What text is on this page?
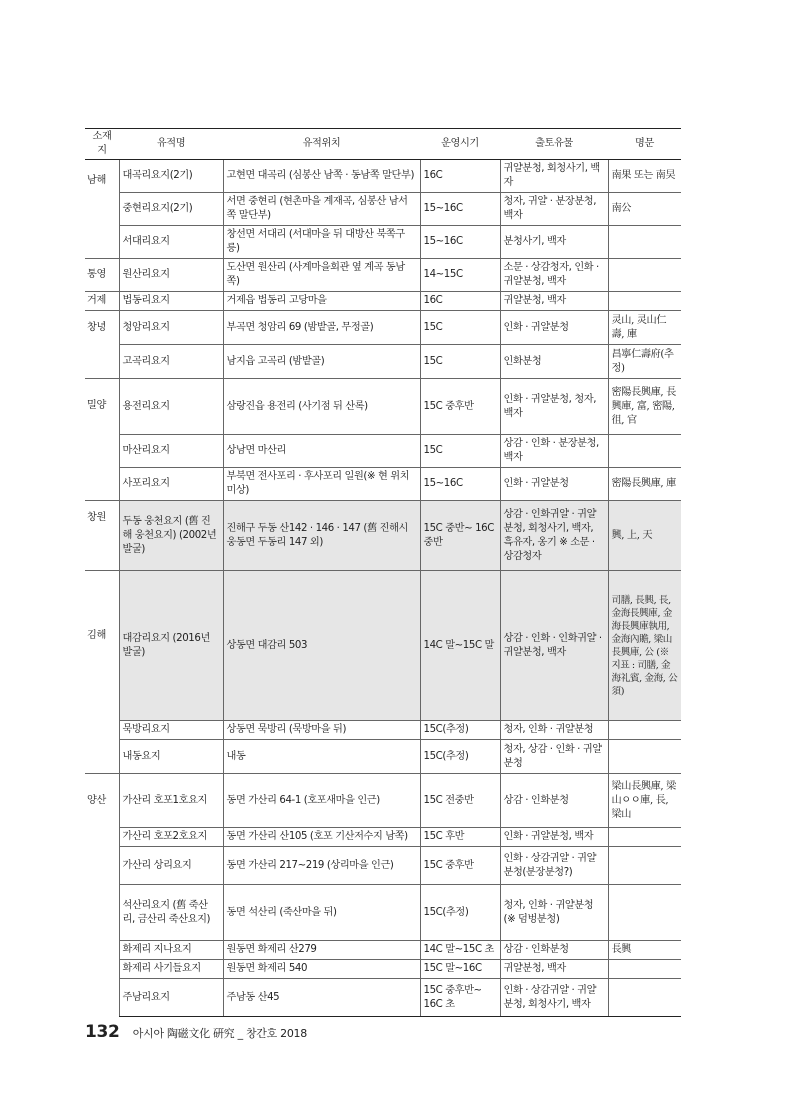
소재지	유적명	유적위치	운영시기	출토유물	명문
남해	대곡리요지(2기)	고현면 대곡리 (심봉산 남쪽 · 동남쪽 말단부)	16C	귀얄분청, 회청사기, 백자	南果 또는 南旲
	중현리요지(2기)	서면 중현리 (현촌마을 계재곡, 심봉산 남서쪽 말단부)	15~16C	청자, 귀얄 · 분장분청, 백자	南公
	서대리요지	창선면 서대리 (서대마을 뒤 대방산 북쪽구릉)	15~16C	분청사기, 백자	
통영	원산리요지	도산면 원산리 (사계마을회관 옆 계곡 동남쪽)	14~15C	소문 · 상감청자, 인화 · 귀얄분청, 백자	
거제	법동리요지	거제읍 법동리 고당마을	16C	귀얄분청, 백자	
창녕	청암리요지	부곡면 청암리 69 (밤밭골, 무정골)	15C	인화 · 귀얄분청	灵山, 灵山仁壽, 庫
	고곡리요지	남지읍 고곡리 (밤밭골)	15C	인화분청	昌寧仁壽府(추정)
밀양	용전리요지	삼랑진읍 용전리 (사기점 뒤 산록)	15C 중후반	인화 · 귀얄분청, 청자, 백자	密陽長興庫, 長興庫, 富, 密陽, 徂, 官
	마산리요지	상남면 마산리	15C	상감 · 인화 · 분장분청, 백자	
	사포리요지	부북면 전사포리 · 후사포리 일원(※ 현 위치 미상)	15~16C	인화 · 귀얄분청	密陽長興庫, 庫
창원	두동 웅천요지 (舊 진해 웅천요지) (2002년 발굴)	진해구 두동 산142 · 146 · 147 (舊 진해시 웅동면 두동리 147 외)	15C 중반~ 16C 중반	상감 · 인화귀얄 · 귀얄분청, 회청사기, 백자, 흑유자, 옹기 ※ 소문 · 상감청자	興, 上, 天
김해	대감리요지 (2016년 발굴)	상동면 대감리 503	14C 말~15C 말	상감 · 인화 · 인화귀얄 · 귀얄분청, 백자	司膳, 長興, 長, 金海長興庫, 金海長興庫執用, 金海內贍, 梁山長興庫, 公 (※ 지표 : 司膳, 金海礼賓, 金海, 公須)
	묵방리요지	상동면 묵방리 (묵방마을 뒤)	15C(추정)	청자, 인화 · 귀얄분청	
	내동요지	내동	15C(추정)	청자, 상감 · 인화 · 귀얄분청	
양산	가산리 호포1호요지	동면 가산리 64-1 (호포새마을 인근)	15C 전중반	상감 · 인화분청	梁山長興庫, 梁山ㅇㅇ庫, 長, 梁山
	가산리 호포2호요지	동면 가산리 산105 (호포 기산저수지 남쪽)	15C 후반	인화 · 귀얄분청, 백자	
	가산리 상리요지	동면 가산리 217~219 (상리마을 인근)	15C 중후반	인화 · 상감귀얄 · 귀얄분청(분장분청?)	
	석산리요지 (舊 죽산리, 금산리 죽산요지)	동면 석산리 (죽산마을 뒤)	15C(추정)	청자, 인화 · 귀얄분청 (※ 덤벙분청)	
	화제리 지나요지	원동면 화제리 산279	14C 말~15C 초	상감 · 인화분청	長興
	화제리 사기들요지	원동면 화제리 540	15C 말~16C	귀얄분청, 백자	
	주남리요지	주남동 산45	15C 중후반~ 16C 초	인화 · 상감귀얄 · 귀얄분청, 회청사기, 백자	
132 아시아 陶磁文化 硏究 _ 창간호 2018
